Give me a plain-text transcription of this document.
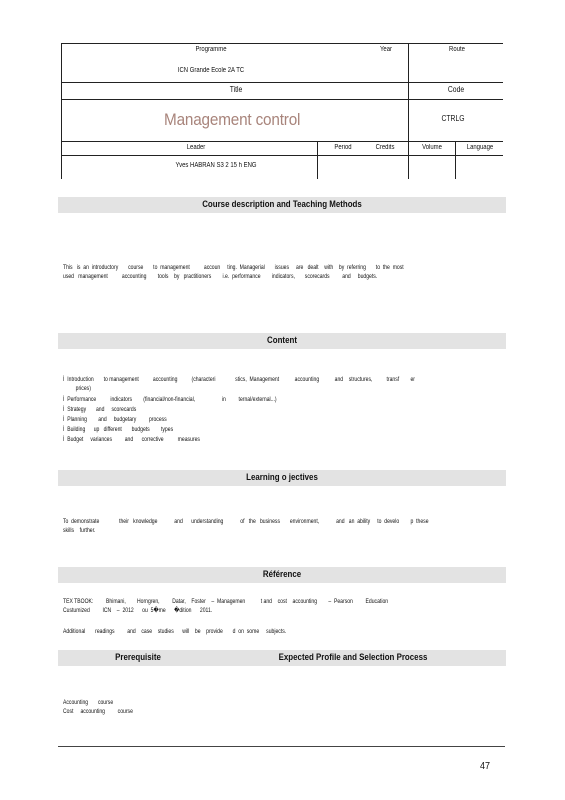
Programme	Year	Route
ICN Grande Ecole 2A TC
Title	Code
Management control	CTRLG
Leader	Period	Credits	Volume	Language
Yves HABRAN S3 2 15 h ENG
Course description and Teaching Methods
This   is  an  introductory       course       to  management          accoun     ting.  Managerial       issues     are   dealt    with    by  referring       to  the  most
used   management          accounting        tools    by   practitioners        i.e.  performance        indicators,       scorecards         and     budgets.
Content
İ  Introduction       to management          accounting          (characteri              stics,  Management           accounting           and    structures,          transf        er
prices)
İ  Performance          indicators        (financial/non-financial,                   in         ternal/external...)
İ  Strategy       and     scorecards
İ  Planning        and     budgetary         process
İ  Building      up   different       budgets        types
İ  Budget     variances         and      corrective          measures
Learning o jectives
To  demonstrate              their   knowledge            and      understanding            of   the   business       environment,            and   an  ability     to  develo        p  these
skills    further.
Référence
TEX TBOOK:         Bhimani,        Horngren,         Datar,    Foster    –  Managemen           t and    cost    accounting        –  Pearson         Education
Custumized         ICN    –  2012      ou  5�me      �dition      2011.
Additional       readings         and    case    studies      will    be    provide       d  on  some     subjects.
Prerequisite	Expected Profile and Selection Process
Accounting       course
Cost     accounting         course
47
